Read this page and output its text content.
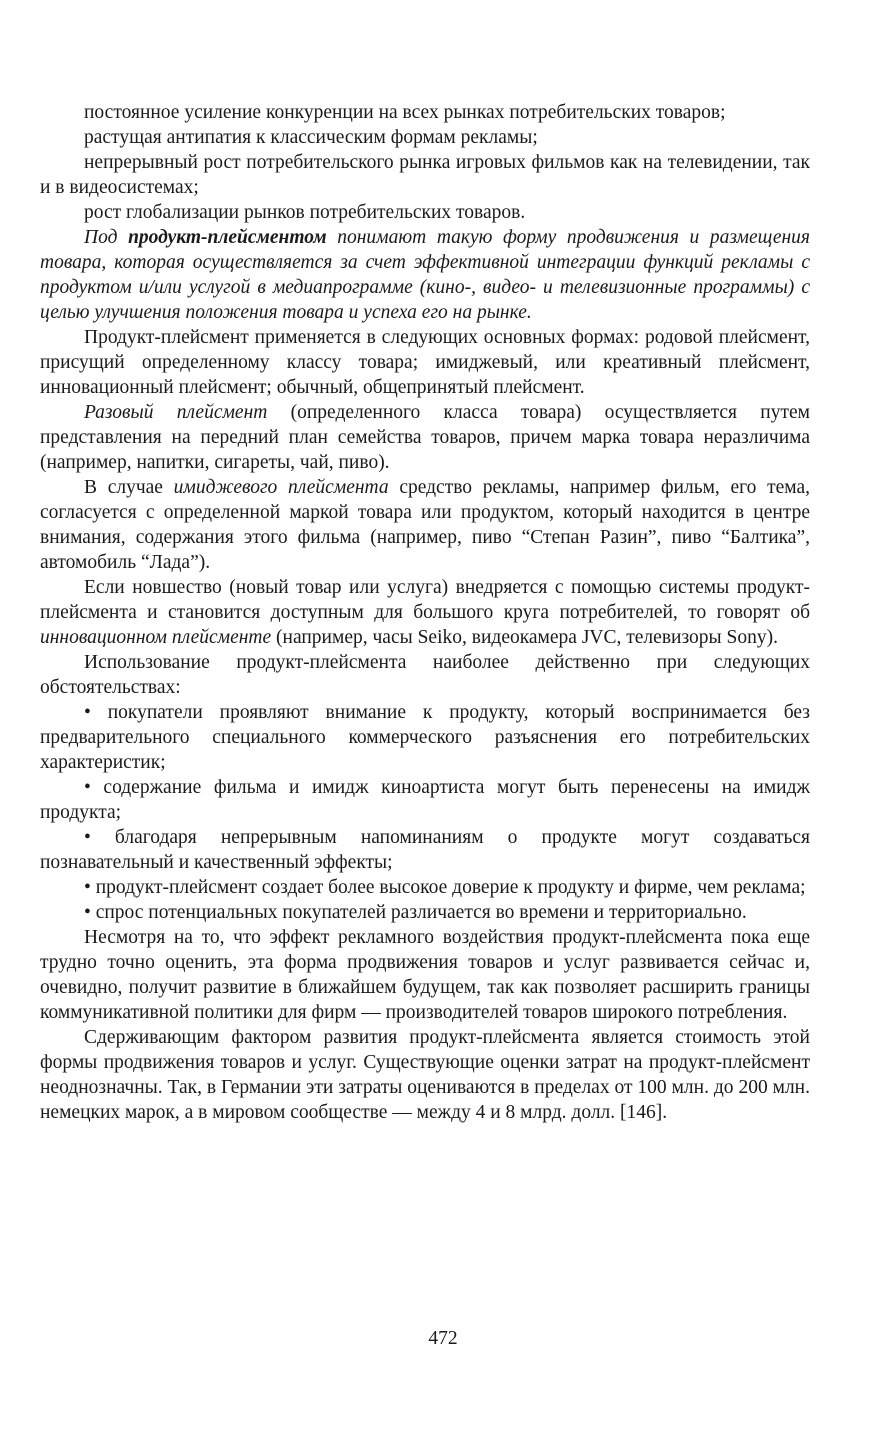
постоянное усиление конкуренции на всех рынках потребительских товаров;

растущая антипатия к классическим формам рекламы;

непрерывный рост потребительского рынка игровых фильмов как на телевидении, так и в видеосистемах;

рост глобализации рынков потребительских товаров.

Под продукт-плейсментом понимают такую форму продвижения и размещения товара, которая осуществляется за счет эффективной интеграции функций рекламы с продуктом и/или услугой в медиапрограмме (кино-, видео- и телевизионные программы) с целью улучшения положения товара и успеха его на рынке.

Продукт-плейсмент применяется в следующих основных формах: родовой плейсмент, присущий определенному классу товара; имиджевый, или креативный плейсмент, инновационный плейсмент; обычный, общепринятый плейсмент.

Разовый плейсмент (определенного класса товара) осуществляется путем представления на передний план семейства товаров, причем марка товара неразличима (например, напитки, сигареты, чай, пиво).

В случае имиджевого плейсмента средство рекламы, например фильм, его тема, согласуется с определенной маркой товара или продуктом, который находится в центре внимания, содержания этого фильма (например, пиво “Степан Разин”, пиво “Балтика”, автомобиль “Лада”).

Если новшество (новый товар или услуга) внедряется с помощью системы продукт-плейсмента и становится доступным для большого круга потребителей, то говорят об инновационном плейсменте (например, часы Seiko, видеокамера JVC, телевизоры Sony).

Использование продукт-плейсмента наиболее действенно при следующих обстоятельствах:

• покупатели проявляют внимание к продукту, который воспринимается без предварительного специального коммерческого разъяснения его потребительских характеристик;

• содержание фильма и имидж киноартиста могут быть перенесены на имидж продукта;

• благодаря непрерывным напоминаниям о продукте могут создаваться познавательный и качественный эффекты;

• продукт-плейсмент создает более высокое доверие к продукту и фирме, чем реклама;

• спрос потенциальных покупателей различается во времени и территориально.

Несмотря на то, что эффект рекламного воздействия продукт-плейсмента пока еще трудно точно оценить, эта форма продвижения товаров и услуг развивается сейчас и, очевидно, получит развитие в ближайшем будущем, так как позволяет расширить границы коммуникативной политики для фирм — производителей товаров широкого потребления.

Сдерживающим фактором развития продукт-плейсмента является стоимость этой формы продвижения товаров и услуг. Существующие оценки затрат на продукт-плейсмент неоднозначны. Так, в Германии эти затраты оцениваются в пределах от 100 млн. до 200 млн. немецких марок, а в мировом сообществе — между 4 и 8 млрд. долл. [146].

472
